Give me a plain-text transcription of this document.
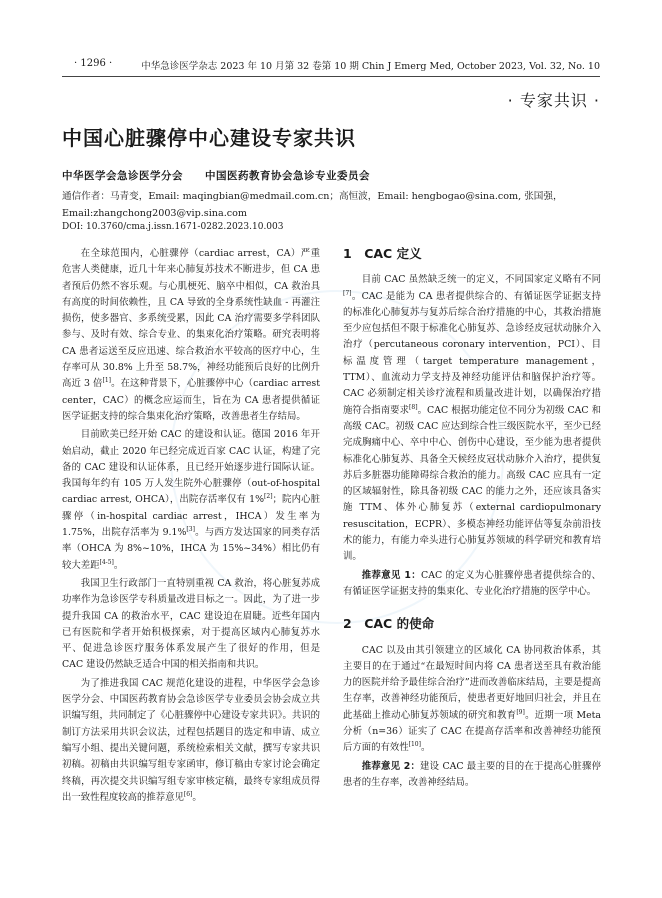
· 1296 ·	中华急诊医学杂志 2023 年 10 月第 32 卷第 10 期 Chin J Emerg Med, October 2023, Vol. 32, No. 10
· 专家共识 ·
中国心脏骤停中心建设专家共识
中华医学会急诊医学分会　　中国医药教育协会急诊专业委员会
通信作者：马青变，Email: maqingbian@medmail.com.cn；高恒波，Email: hengbogao@sina.com, 张国强，Email:zhangchong2003@vip.sina.com
DOI: 10.3760/cma.j.issn.1671-0282.2023.10.003

在全球范围内，心脏骤停（cardiac arrest，CA）严重危害人类健康，近几十年来心肺复苏技术不断进步，但 CA 患者预后仍然不容乐观。与心肌梗死、脑卒中相似，CA 救治具有高度的时间依赖性，且 CA 导致的全身系统性缺血 - 再灌注损伤，使多器官、多系统受累，因此 CA 治疗需要多学科团队参与、及时有效、综合专业、的集束化治疗策略。研究表明将 CA 患者运送至反应迅速、综合救治水平较高的医疗中心，生存率可从 30.8% 上升至 58.7%，神经功能预后良好的比例升高近 3 倍[1]。在这种背景下，心脏骤停中心（cardiac arrest center，CAC）的概念应运而生，旨在为 CA 患者提供循证医学证据支持的综合集束化治疗策略，改善患者生存结局。

目前欧美已经开始 CAC 的建设和认证。德国 2016 年开始启动，截止 2020 年已经完成近百家 CAC 认证，构建了完备的 CAC 建设和认证体系，且已经开始逐步进行国际认证。我国每年约有 105 万人发生院外心脏骤停（out-of-hospital cardiac arrest, OHCA），出院存活率仅有 1%[2]；院内心脏骤停（in-hospital cardiac arrest，IHCA）发生率为 1.75%，出院存活率为 9.1%[3]。与西方发达国家的同类存活率（OHCA 为 8%~10%，IHCA 为 15%~34%）相比仍有较大差距[4-5]。

我国卫生行政部门一直特别重视 CA 救治，将心脏复苏成功率作为急诊医学专科质量改进目标之一。因此，为了进一步提升我国 CA 的救治水平，CAC 建设迫在眉睫。近些年国内已有医院和学者开始积极探索，对于提高区域内心肺复苏水平、促进急诊医疗服务体系发展产生了很好的作用，但是 CAC 建设仍然缺乏适合中国的相关指南和共识。

为了推进我国 CAC 规范化建设的进程，中华医学会急诊医学分会、中国医药教育协会急诊医学专业委员会协会成立共识编写组，共同制定了《心脏骤停中心建设专家共识》。共识的制订方法采用共识会议法，过程包括题目的选定和申请、成立编写小组、提出关键问题，系统检索相关文献，撰写专家共识初稿。初稿由共识编写组专家函审，修订稿由专家讨论会确定终稿，再次提交共识编写组专家审核定稿，最终专家组成员得出一致性程度较高的推荐意见[6]。

1　CAC 定义

目前 CAC 虽然缺乏统一的定义，不同国家定义略有不同[7]。CAC 是能为 CA 患者提供综合的、有循证医学证据支持的标准化心肺复苏与复苏后综合治疗措施的中心，其救治措施至少应包括但不限于标准化心肺复苏、急诊经皮冠状动脉介入治疗（percutaneous coronary intervention，PCI）、目标温度管理（target temperature management，TTM）、血流动力学支持及神经功能评估和脑保护治疗等。CAC 必须制定相关诊疗流程和质量改进计划，以确保治疗措施符合指南要求[8]。CAC 根据功能定位不同分为初级 CAC 和高级 CAC。初级 CAC 应达到综合性三级医院水平，至少已经完成胸痛中心、卒中中心、创伤中心建设，至少能为患者提供标准化心肺复苏、具备全天候经皮冠状动脉介入治疗，提供复苏后多脏器功能障碍综合救治的能力。高级 CAC 应具有一定的区域辐射性，除具备初级 CAC 的能力之外，还应该具备实施 TTM、体外心肺复苏（external cardiopulmonary resuscitation，ECPR）、多模态神经功能评估等复杂前沿技术的能力，有能力牵头进行心肺复苏领域的科学研究和教育培训。

推荐意见 1：CAC 的定义为心脏骤停患者提供综合的、有循证医学证据支持的集束化、专业化治疗措施的医学中心。

2　CAC 的使命

CAC 以及由其引领建立的区域化 CA 协同救治体系，其主要目的在于通过“在最短时间内将 CA 患者送至具有救治能力的医院并给予最佳综合治疗”进而改善临床结局，主要是提高生存率，改善神经功能预后，使患者更好地回归社会，并且在此基础上推动心肺复苏领域的研究和教育[9]。近期一项 Meta 分析（n=36）证实了 CAC 在提高存活率和改善神经功能预后方面的有效性[10]。

推荐意见 2：建设 CAC 最主要的目的在于提高心脏骤停患者的生存率，改善神经结局。
